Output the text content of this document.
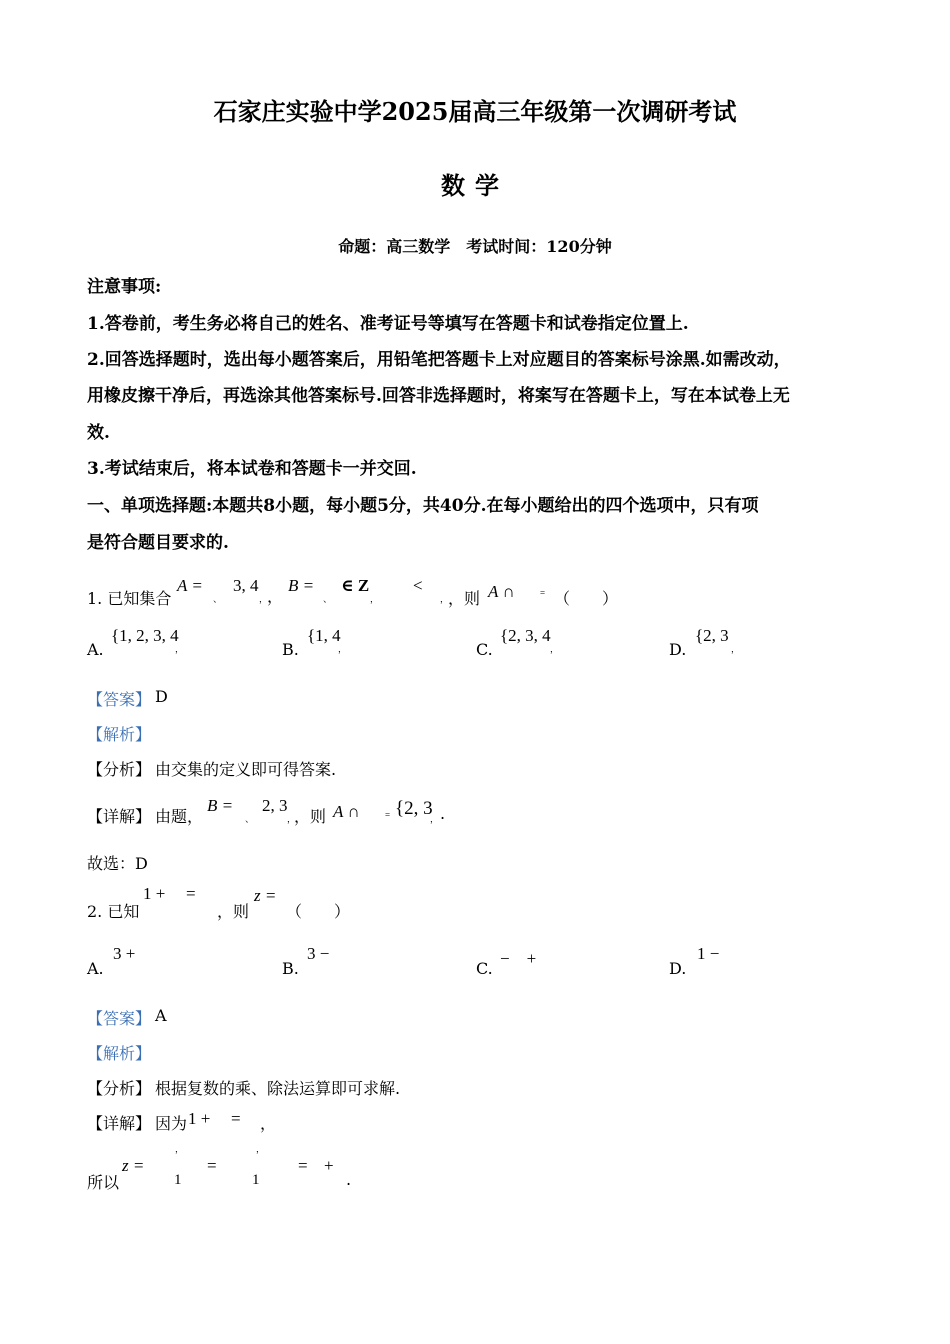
石家庄实验中学2025届高三年级第一次调研考试
数学
命题：高三数学　考试时间：120分钟
注意事项:
1.答卷前，考生务必将自己的姓名、准考证号等填写在答题卡和试卷指定位置上.
2.回答选择题时，选出每小题答案后，用铅笔把答题卡上对应题目的答案标号涂黑.如需改动，
用橡皮擦干净后，再选涂其他答案标号.回答非选择题时，将案写在答题卡上，写在本试卷上无
效.
3.考试结束后，将本试卷和答题卡一并交回.
一、单项选择题:本题共8小题，每小题5分，共40分.在每小题给出的四个选项中，只有项
是符合题目要求的.
1. 已知集合
A =
、
3, 4
，
，
B =
、
∈ Z
，
<
，
，则 A ∩	= （　　）
A.
{1, 2, 3, 4
，	B.
{1, 4
，	C.
{2, 3, 4
，	D.
{2, 3
，
【答案】 D
【解析】
【分析】 由交集的定义即可得答案.
【详解】 由题，
B =
、
2, 3
，
，则 A ∩	= {2, 3
， .
故选：D
2. 已知
1 + =
，则
z =
（　　）
A.
3 +
B.
3 −
C.
−　+
D.
1 −
【答案】 A
【解析】
【分析】 根据复数的乘、除法运算即可求解.
【详解】 因为 1 + = ，
所以
z =
，
1
=
，
1
= +
.
